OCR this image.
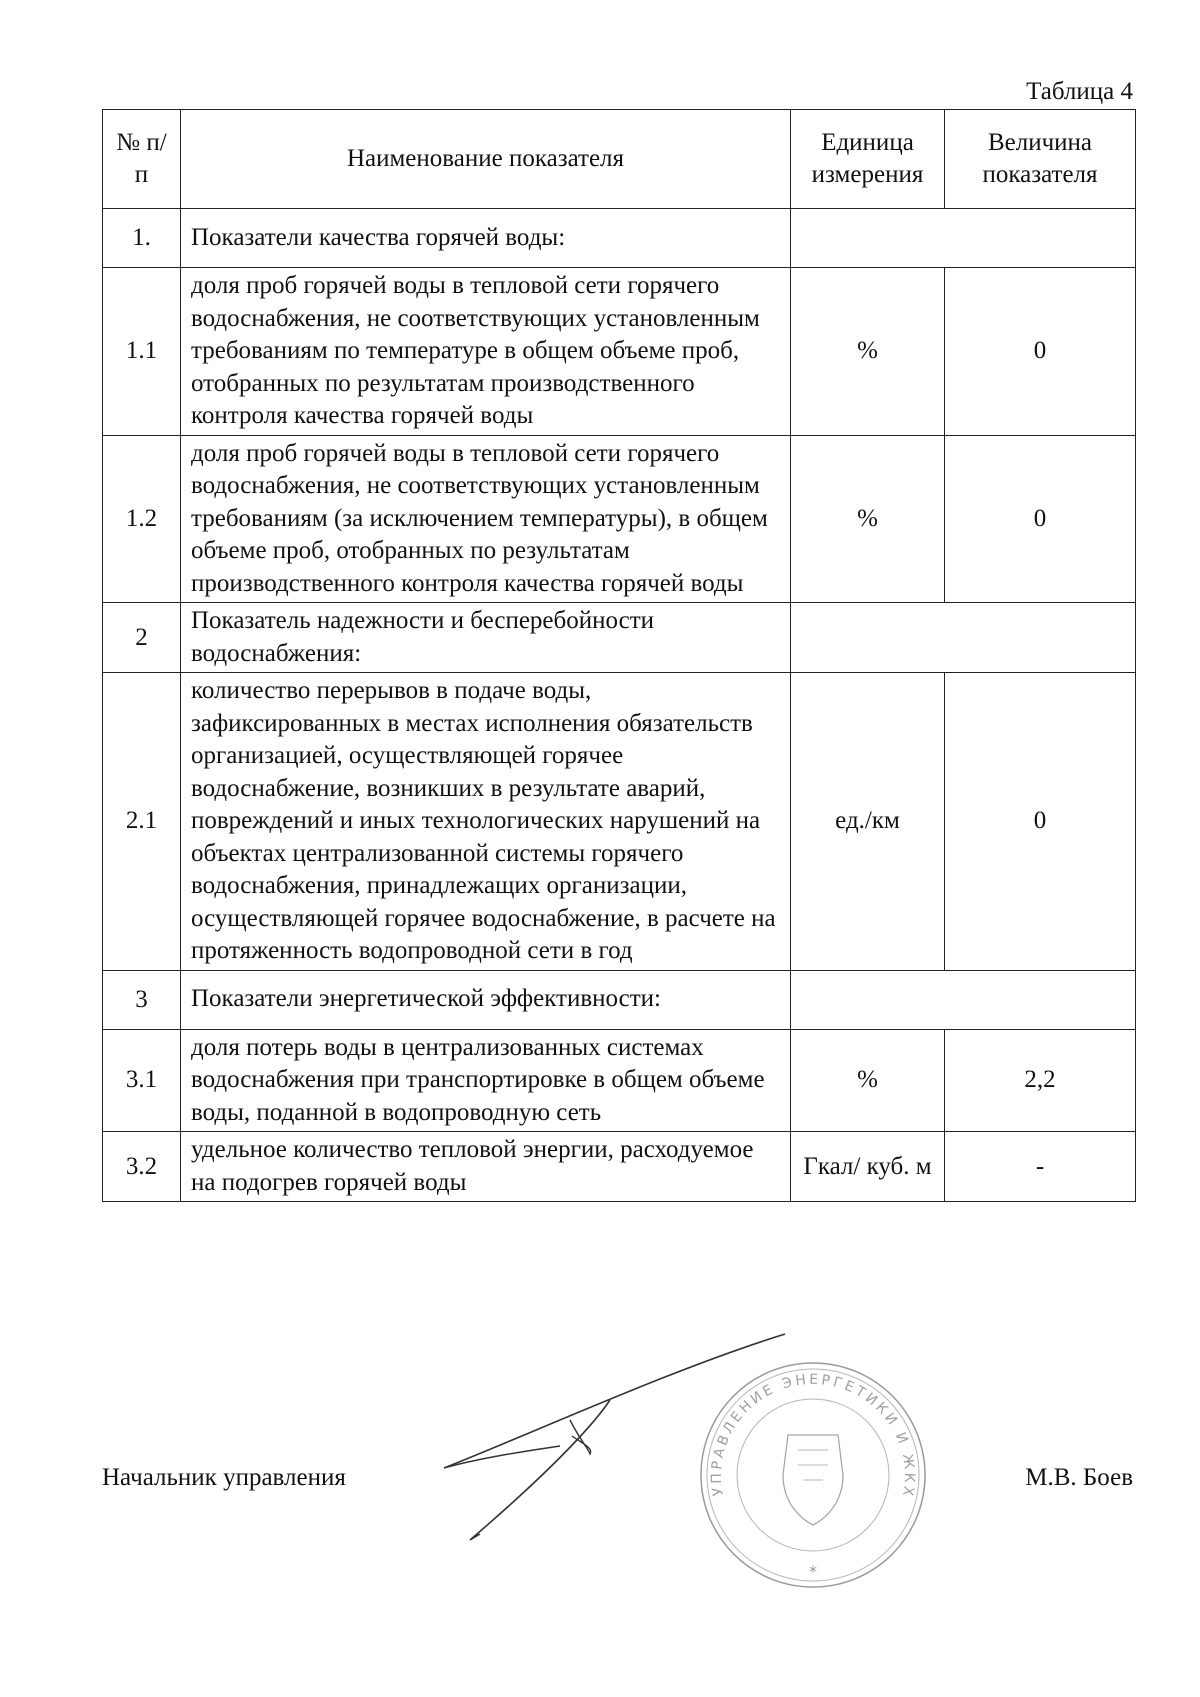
Таблица 4
№ п/п	Наименование показателя	Единица измерения	Величина показателя
1.	Показатели качества горячей воды:		
1.1	доля проб горячей воды в тепловой сети горячего водоснабжения, не соответствующих установленным требованиям по температуре в общем объеме проб, отобранных по результатам производственного контроля качества горячей воды	%	0
1.2	доля проб горячей воды в тепловой сети горячего водоснабжения, не соответствующих установленным требованиям (за исключением температуры), в общем объеме проб, отобранных по результатам производственного контроля качества горячей воды	%	0
2	Показатель надежности и бесперебойности водоснабжения:		
2.1	количество перерывов в подаче воды, зафиксированных в местах исполнения обязательств организацией, осуществляющей горячее водоснабжение, возникших в результате аварий, повреждений и иных технологических нарушений на объектах централизованной системы горячего водоснабжения, принадлежащих организации, осуществляющей горячее водоснабжение, в расчете на протяженность водопроводной сети в год	ед./км	0
3	Показатели энергетической эффективности:		
3.1	доля потерь воды в централизованных системах водоснабжения при транспортировке в общем объеме воды, поданной в водопроводную сеть	%	2,2
3.2	удельное количество тепловой энергии, расходуемое на подогрев горячей воды	Гкал/ куб. м	-
Начальник управления	М.В. Боев
*
УПРАВЛЕНИЕ ЭНЕРГЕТИКИ И ЖКХ
